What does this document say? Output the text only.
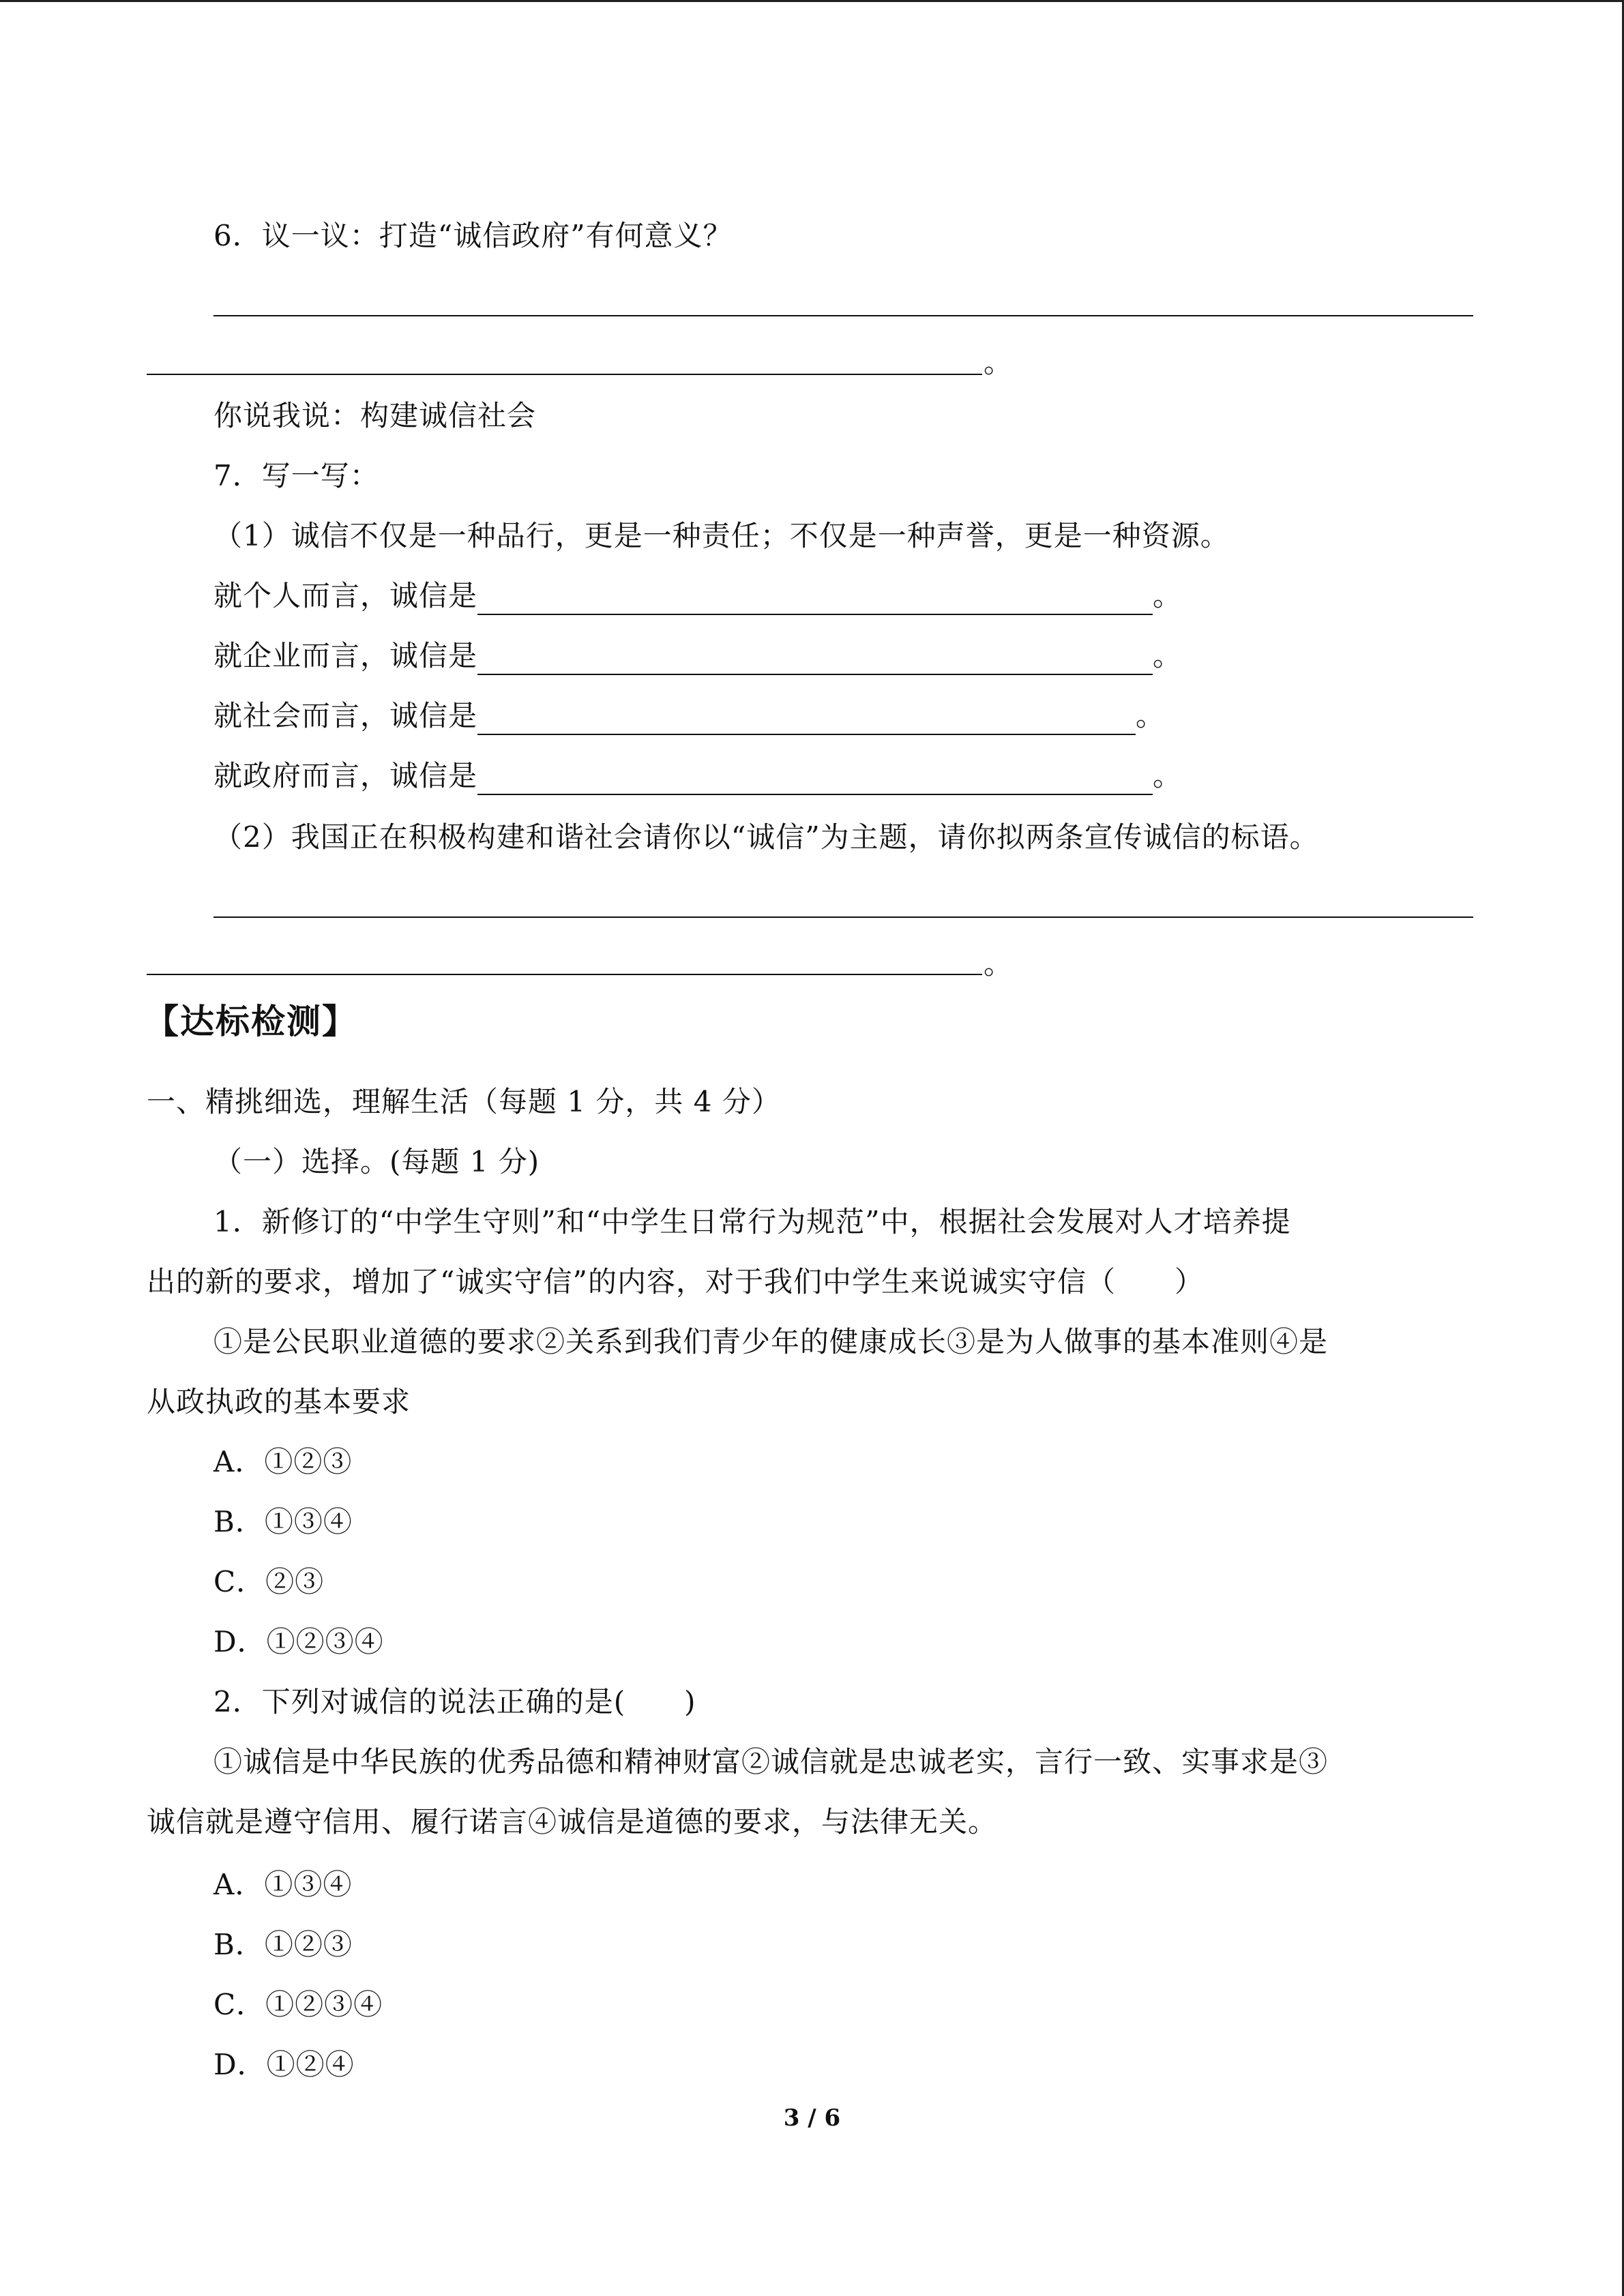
6．议一议：打造“诚信政府”有何意义？
。
你说我说：构建诚信社会
7．写一写：
（1）诚信不仅是一种品行，更是一种责任；不仅是一种声誉，更是一种资源。
就个人而言，诚信是	。
就企业而言，诚信是	。
就社会而言，诚信是	。
就政府而言，诚信是	。
（2）我国正在积极构建和谐社会请你以“诚信”为主题，请你拟两条宣传诚信的标语。
。
【达标检测】
一、精挑细选，理解生活（每题 1 分，共 4 分）
（一）选择。(每题 1 分)
1．新修订的“中学生守则”和“中学生日常行为规范”中，根据社会发展对人才培养提
出的新的要求，增加了“诚实守信”的内容，对于我们中学生来说诚实守信（　　）
①是公民职业道德的要求②关系到我们青少年的健康成长③是为人做事的基本准则④是
从政执政的基本要求
A．①②③
B．①③④
C．②③
D．①②③④
2．下列对诚信的说法正确的是(　　)
①诚信是中华民族的优秀品德和精神财富②诚信就是忠诚老实，言行一致、实事求是③
诚信就是遵守信用、履行诺言④诚信是道德的要求，与法律无关。
A．①③④
B．①②③
C．①②③④
D．①②④
3 / 6
